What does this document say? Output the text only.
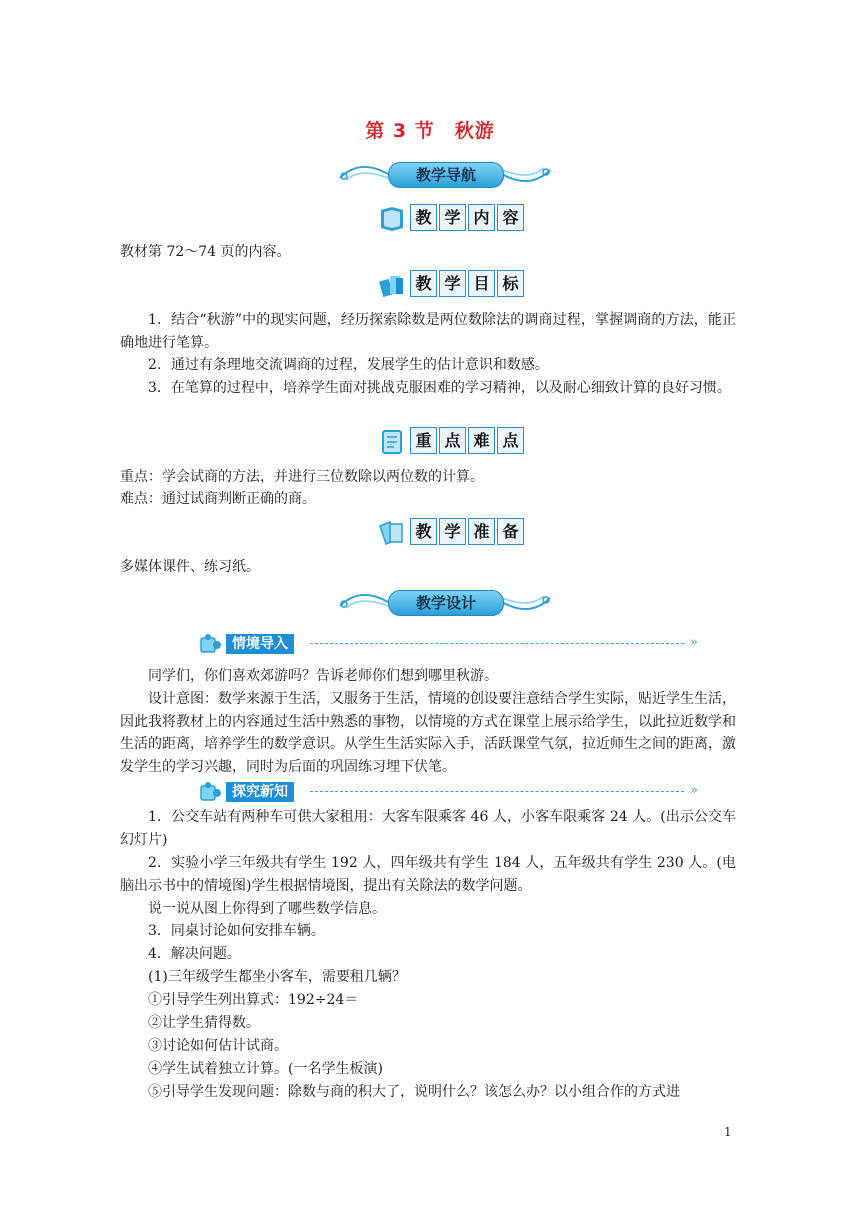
第 3 节　秋游
教学导航
教 学 内 容

教材第 72～74 页的内容。

教 学 目 标

1．结合“秋游”中的现实问题，经历探索除数是两位数除法的调商过程，掌握调商的方法，能正确地进行笔算。

2．通过有条理地交流调商的过程，发展学生的估计意识和数感。

3．在笔算的过程中，培养学生面对挑战克服困难的学习精神，以及耐心细致计算的良好习惯。

重 点 难 点

重点：学会试商的方法，并进行三位数除以两位数的计算。

难点：通过试商判断正确的商。

教 学 准 备

多媒体课件、练习纸。

教学设计
情境导入	»

同学们，你们喜欢郊游吗？告诉老师你们想到哪里秋游。

设计意图：数学来源于生活，又服务于生活，情境的创设要注意结合学生实际，贴近学生生活，因此我将教材上的内容通过生活中熟悉的事物，以情境的方式在课堂上展示给学生，以此拉近数学和生活的距离，培养学生的数学意识。从学生生活实际入手，活跃课堂气氛，拉近师生之间的距离，激发学生的学习兴趣，同时为后面的巩固练习埋下伏笔。

探究新知	»

1．公交车站有两种车可供大家租用：大客车限乘客 46 人，小客车限乘客 24 人。(出示公交车幻灯片)

2．实验小学三年级共有学生 192 人，四年级共有学生 184 人，五年级共有学生 230 人。(电脑出示书中的情境图)学生根据情境图，提出有关除法的数学问题。

说一说从图上你得到了哪些数学信息。

3．同桌讨论如何安排车辆。

4．解决问题。

(1)三年级学生都坐小客车，需要租几辆？

①引导学生列出算式：192÷24＝

②让学生猜得数。

③讨论如何估计试商。

④学生试着独立计算。(一名学生板演)

⑤引导学生发现问题：除数与商的积大了，说明什么？该怎么办？以小组合作的方式进

1
